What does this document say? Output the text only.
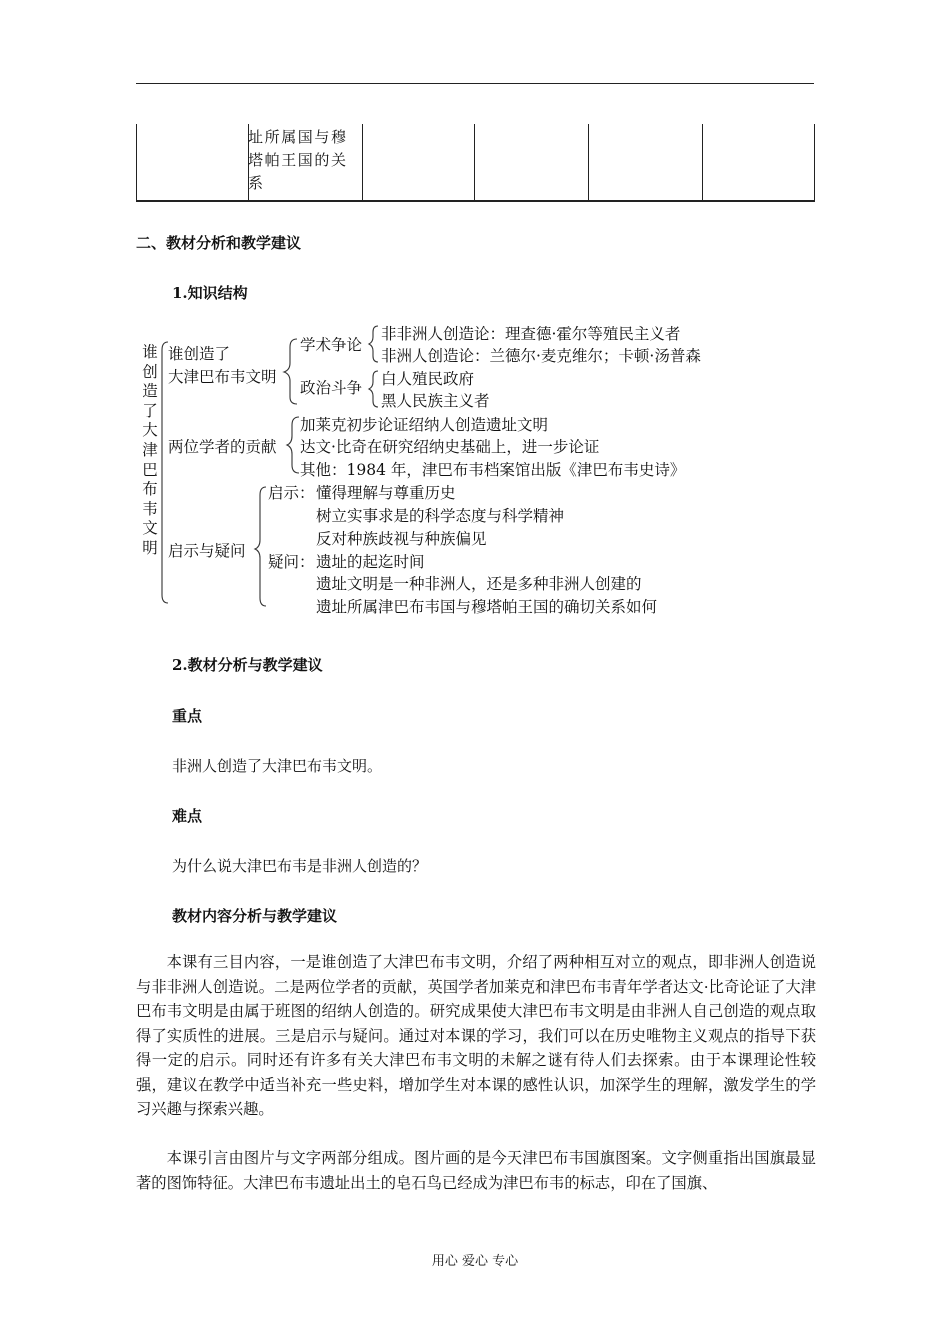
址所属国与穆塔帕王国的关系
二、教材分析和教学建议
1.知识结构
谁创造了大津巴布韦文明
谁创造了
大津巴布韦文明
学术争论
非非洲人创造论：理查德·霍尔等殖民主义者
非洲人创造论：兰德尔·麦克维尔；卡顿·汤普森
政治斗争 白人殖民政府
黑人民族主义者
两位学者的贡献
加莱克初步论证绍纳人创造遗址文明
达文·比奇在研究绍纳史基础上，进一步论证
其他：1984 年，津巴布韦档案馆出版《津巴布韦史诗》
启示与疑问
启示： 懂得理解与尊重历史
树立实事求是的科学态度与科学精神
反对种族歧视与种族偏见
疑问： 遗址的起迄时间
遗址文明是一种非洲人，还是多种非洲人创建的
遗址所属津巴布韦国与穆塔帕王国的确切关系如何
2.教材分析与教学建议
重点
非洲人创造了大津巴布韦文明。
难点
为什么说大津巴布韦是非洲人创造的？
教材内容分析与教学建议
本课有三目内容，一是谁创造了大津巴布韦文明，介绍了两种相互对立的观点，即非洲人创造说与非非洲人创造说。二是两位学者的贡献，英国学者加莱克和津巴布韦青年学者达文·比奇论证了大津巴布韦文明是由属于班图的绍纳人创造的。研究成果使大津巴布韦文明是由非洲人自己创造的观点取得了实质性的进展。三是启示与疑问。通过对本课的学习，我们可以在历史唯物主义观点的指导下获得一定的启示。同时还有许多有关大津巴布韦文明的未解之谜有待人们去探索。由于本课理论性较强，建议在教学中适当补充一些史料，增加学生对本课的感性认识，加深学生的理解，激发学生的学习兴趣与探索兴趣。
本课引言由图片与文字两部分组成。图片画的是今天津巴布韦国旗图案。文字侧重指出国旗最显著的图饰特征。大津巴布韦遗址出土的皂石鸟已经成为津巴布韦的标志，印在了国旗、
用心 爱心 专心
